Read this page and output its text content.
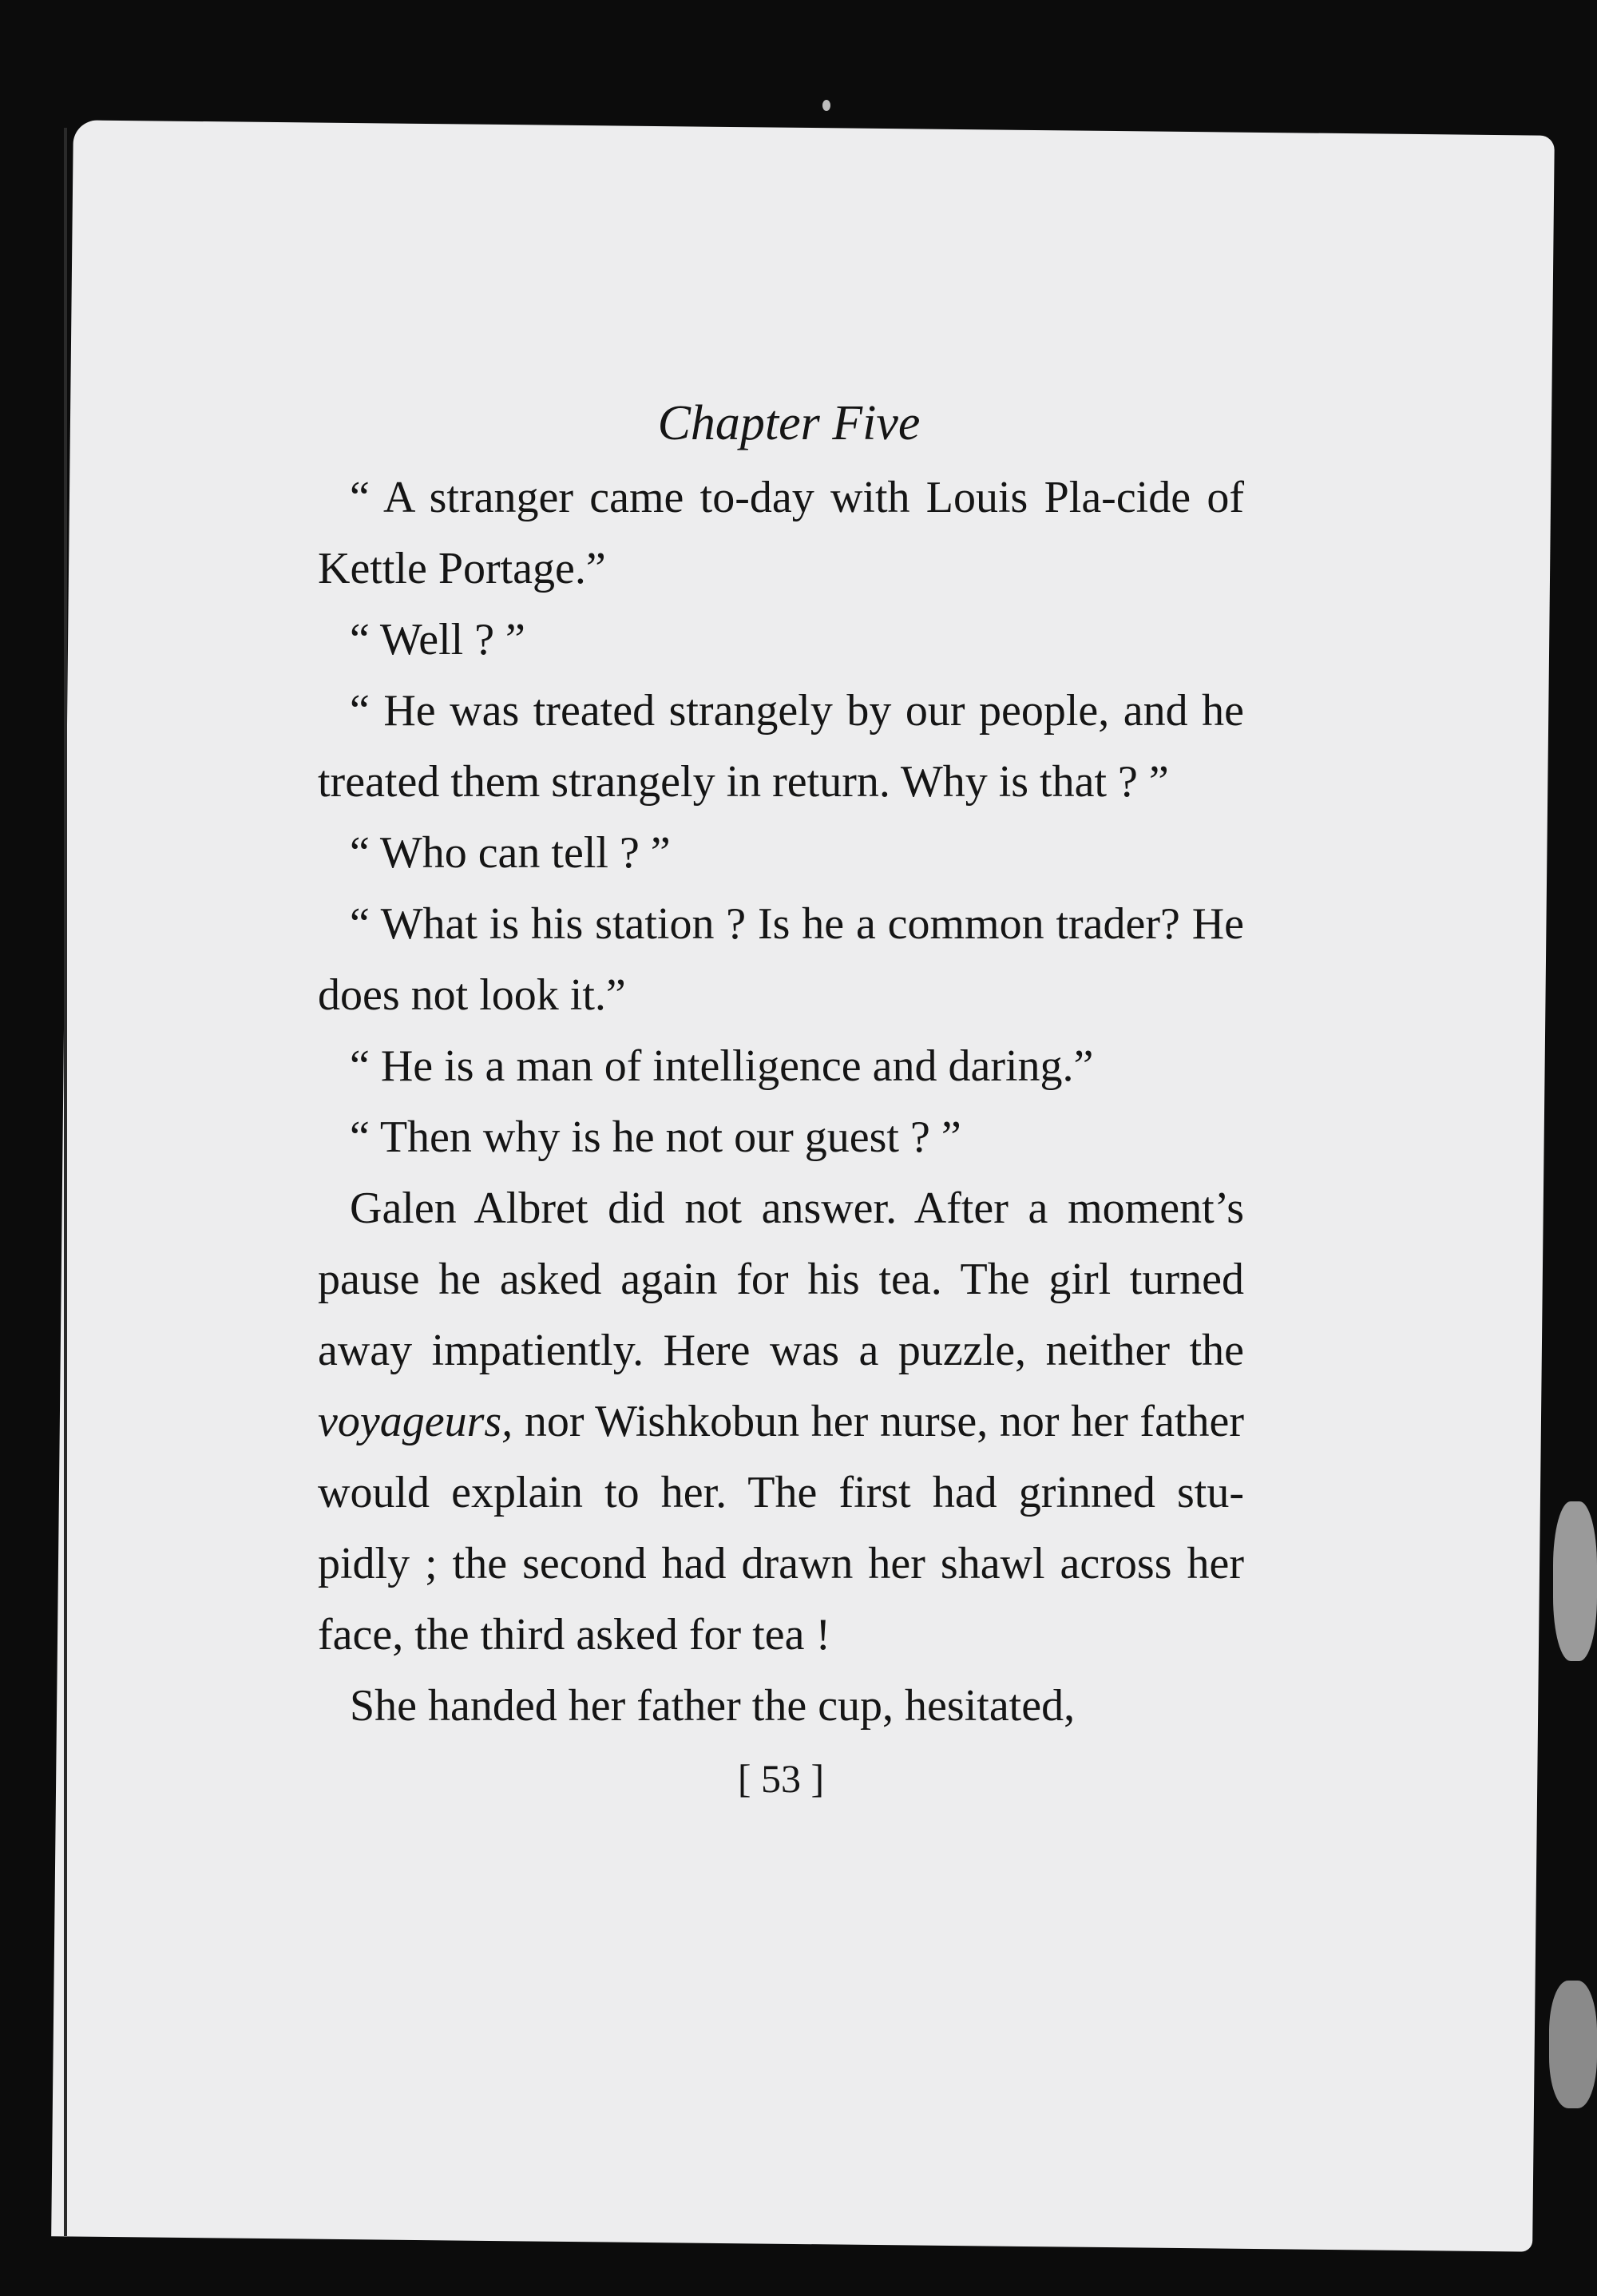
Chapter Five

“ A stranger came to-day with Louis Pla-cide of Kettle Portage.”

“ Well ? ”

“ He was treated strangely by our people, and he treated them strangely in return. Why is that ? ”

“ Who can tell ? ”

“ What is his station ? Is he a common trader? He does not look it.”

“ He is a man of intelligence and daring.”

“ Then why is he not our guest ? ”

Galen Albret did not answer. After a moment’s pause he asked again for his tea. The girl turned away impatiently. Here was a puzzle, neither the voyageurs, nor Wishkobun her nurse, nor her father would explain to her. The first had grinned stu-pidly ; the second had drawn her shawl across her face, the third asked for tea !

She handed her father the cup, hesitated,

[ 53 ]
